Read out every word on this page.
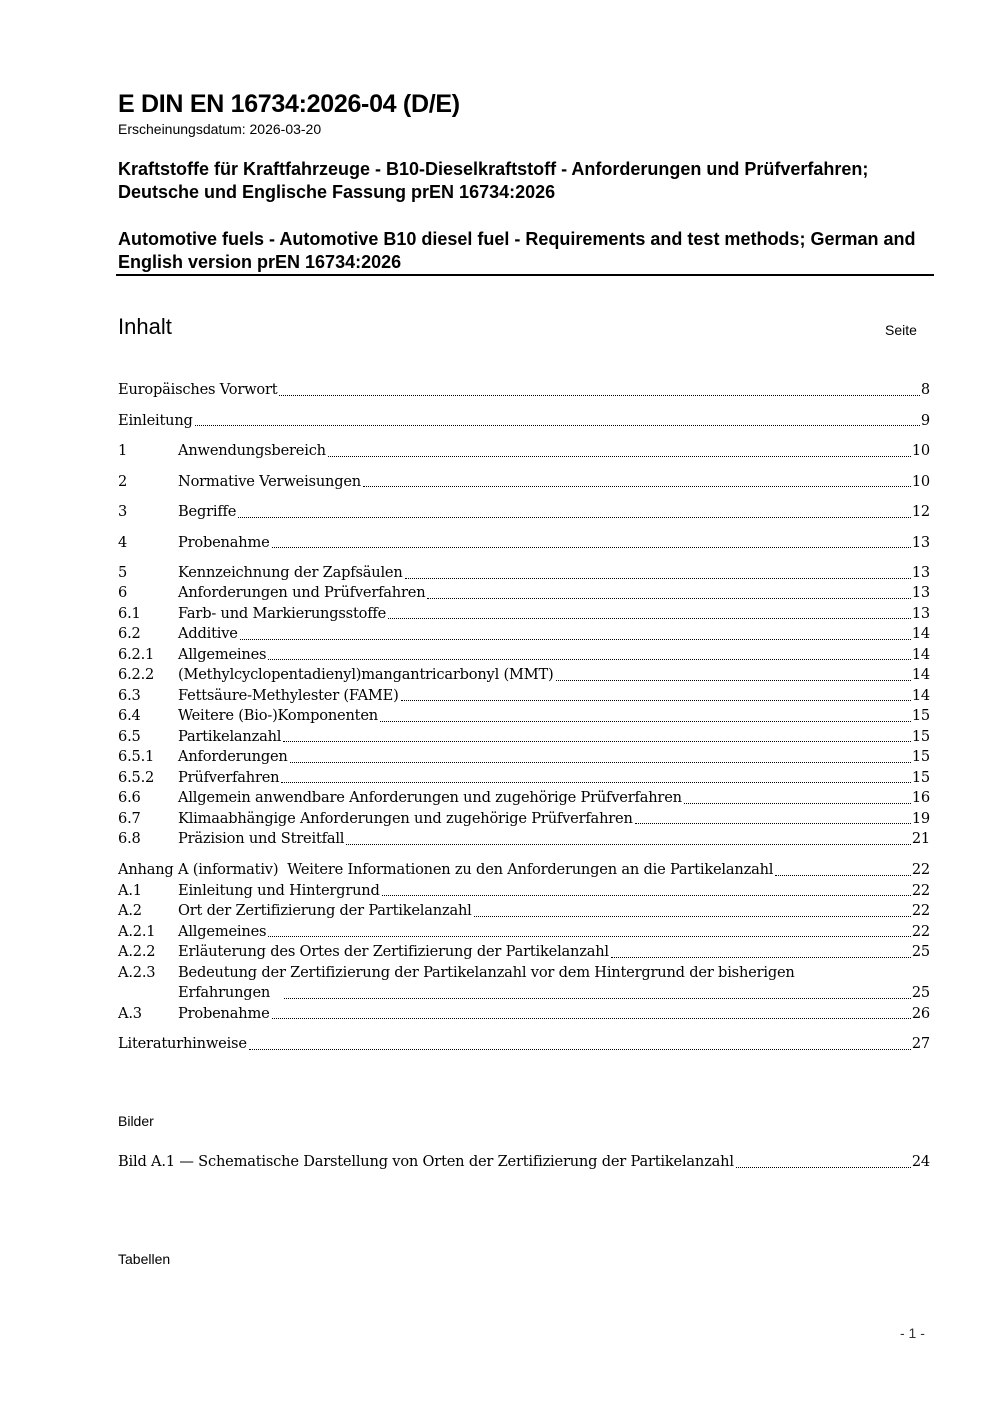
E DIN EN 16734:2026-04 (D/E)
Erscheinungsdatum: 2026-03-20
Kraftstoffe für Kraftfahrzeuge - B10-Dieselkraftstoff - Anforderungen und Prüfverfahren; Deutsche und Englische Fassung prEN 16734:2026
Automotive fuels - Automotive B10 diesel fuel - Requirements and test methods; German and English version prEN 16734:2026
Inhalt	Seite
Europäisches Vorwort	8
Einleitung	9
1	Anwendungsbereich	10
2	Normative Verweisungen	10
3	Begriffe	12
4	Probenahme	13
5	Kennzeichnung der Zapfsäulen	13
6	Anforderungen und Prüfverfahren	13
6.1	Farb- und Markierungsstoffe	13
6.2	Additive	14
6.2.1	Allgemeines	14
6.2.2	(Methylcyclopentadienyl)mangantricarbonyl (MMT)	14
6.3	Fettsäure-Methylester (FAME)	14
6.4	Weitere (Bio-)Komponenten	15
6.5	Partikelanzahl	15
6.5.1	Anforderungen	15
6.5.2	Prüfverfahren	15
6.6	Allgemein anwendbare Anforderungen und zugehörige Prüfverfahren	16
6.7	Klimaabhängige Anforderungen und zugehörige Prüfverfahren	19
6.8	Präzision und Streitfall	21
Anhang A (informativ)  Weitere Informationen zu den Anforderungen an die Partikelanzahl	22
A.1	Einleitung und Hintergrund	22
A.2	Ort der Zertifizierung der Partikelanzahl	22
A.2.1	Allgemeines	22
A.2.2	Erläuterung des Ortes der Zertifizierung der Partikelanzahl	25
A.2.3	Bedeutung der Zertifizierung der Partikelanzahl vor dem Hintergrund der bisherigen Erfahrungen	25
A.3	Probenahme	26
Literaturhinweise	27
Bilder
Bild A.1 — Schematische Darstellung von Orten der Zertifizierung der Partikelanzahl	24
Tabellen
- 1 -
